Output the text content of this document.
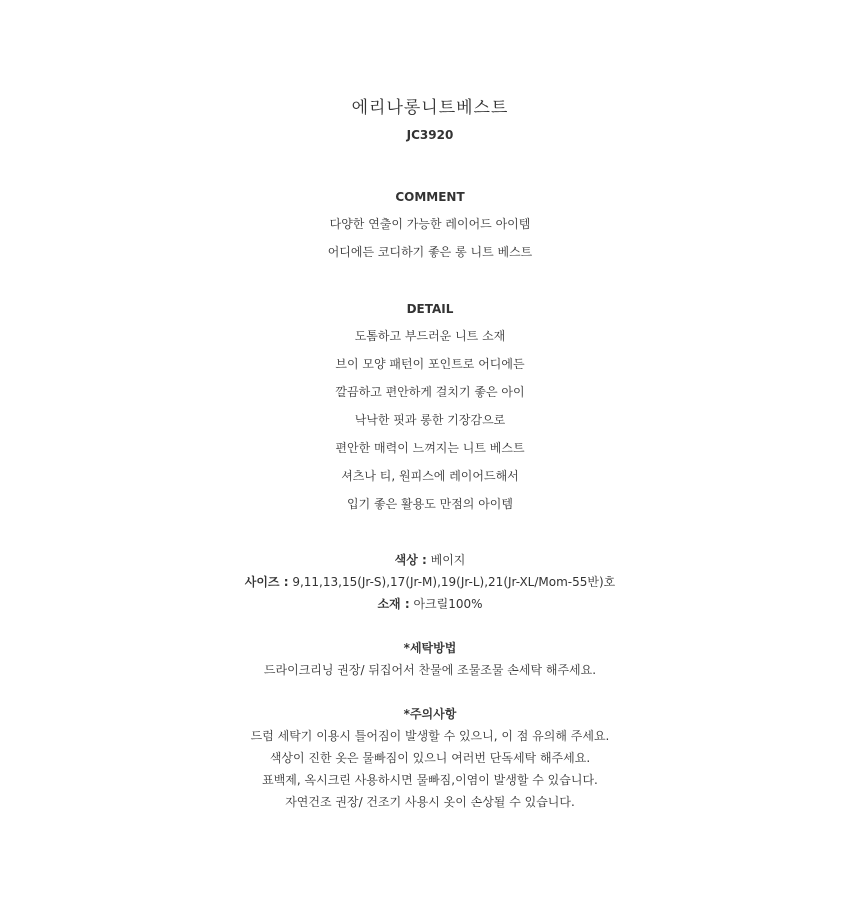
에리나롱니트베스트
JC3920
COMMENT
다양한 연출이 가능한 레이어드 아이템
어디에든 코디하기 좋은 롱 니트 베스트
DETAIL
도톰하고 부드러운 니트 소재
브이 모양 패턴이 포인트로 어디에든
깔끔하고 편안하게 걸치기 좋은 아이
낙낙한 핏과 롱한 기장감으로
편안한 매력이 느껴지는 니트 베스트
셔츠나 티, 원피스에 레이어드해서
입기 좋은 활용도 만점의 아이템
색상 : 베이지
사이즈 : 9,11,13,15(Jr-S),17(Jr-M),19(Jr-L),21(Jr-XL/Mom-55반)호
소재 : 아크릴100%
*세탁방법
드라이크리닝 권장/ 뒤집어서 찬물에 조물조물 손세탁 해주세요.
*주의사항
드럼 세탁기 이용시 틀어짐이 발생할 수 있으니, 이 점 유의해 주세요.
색상이 진한 옷은 물빠짐이 있으니 여러번 단독세탁 해주세요.
표백제, 옥시크린 사용하시면 물빠짐,이염이 발생할 수 있습니다.
자연건조 권장/ 건조기 사용시 옷이 손상될 수 있습니다.
